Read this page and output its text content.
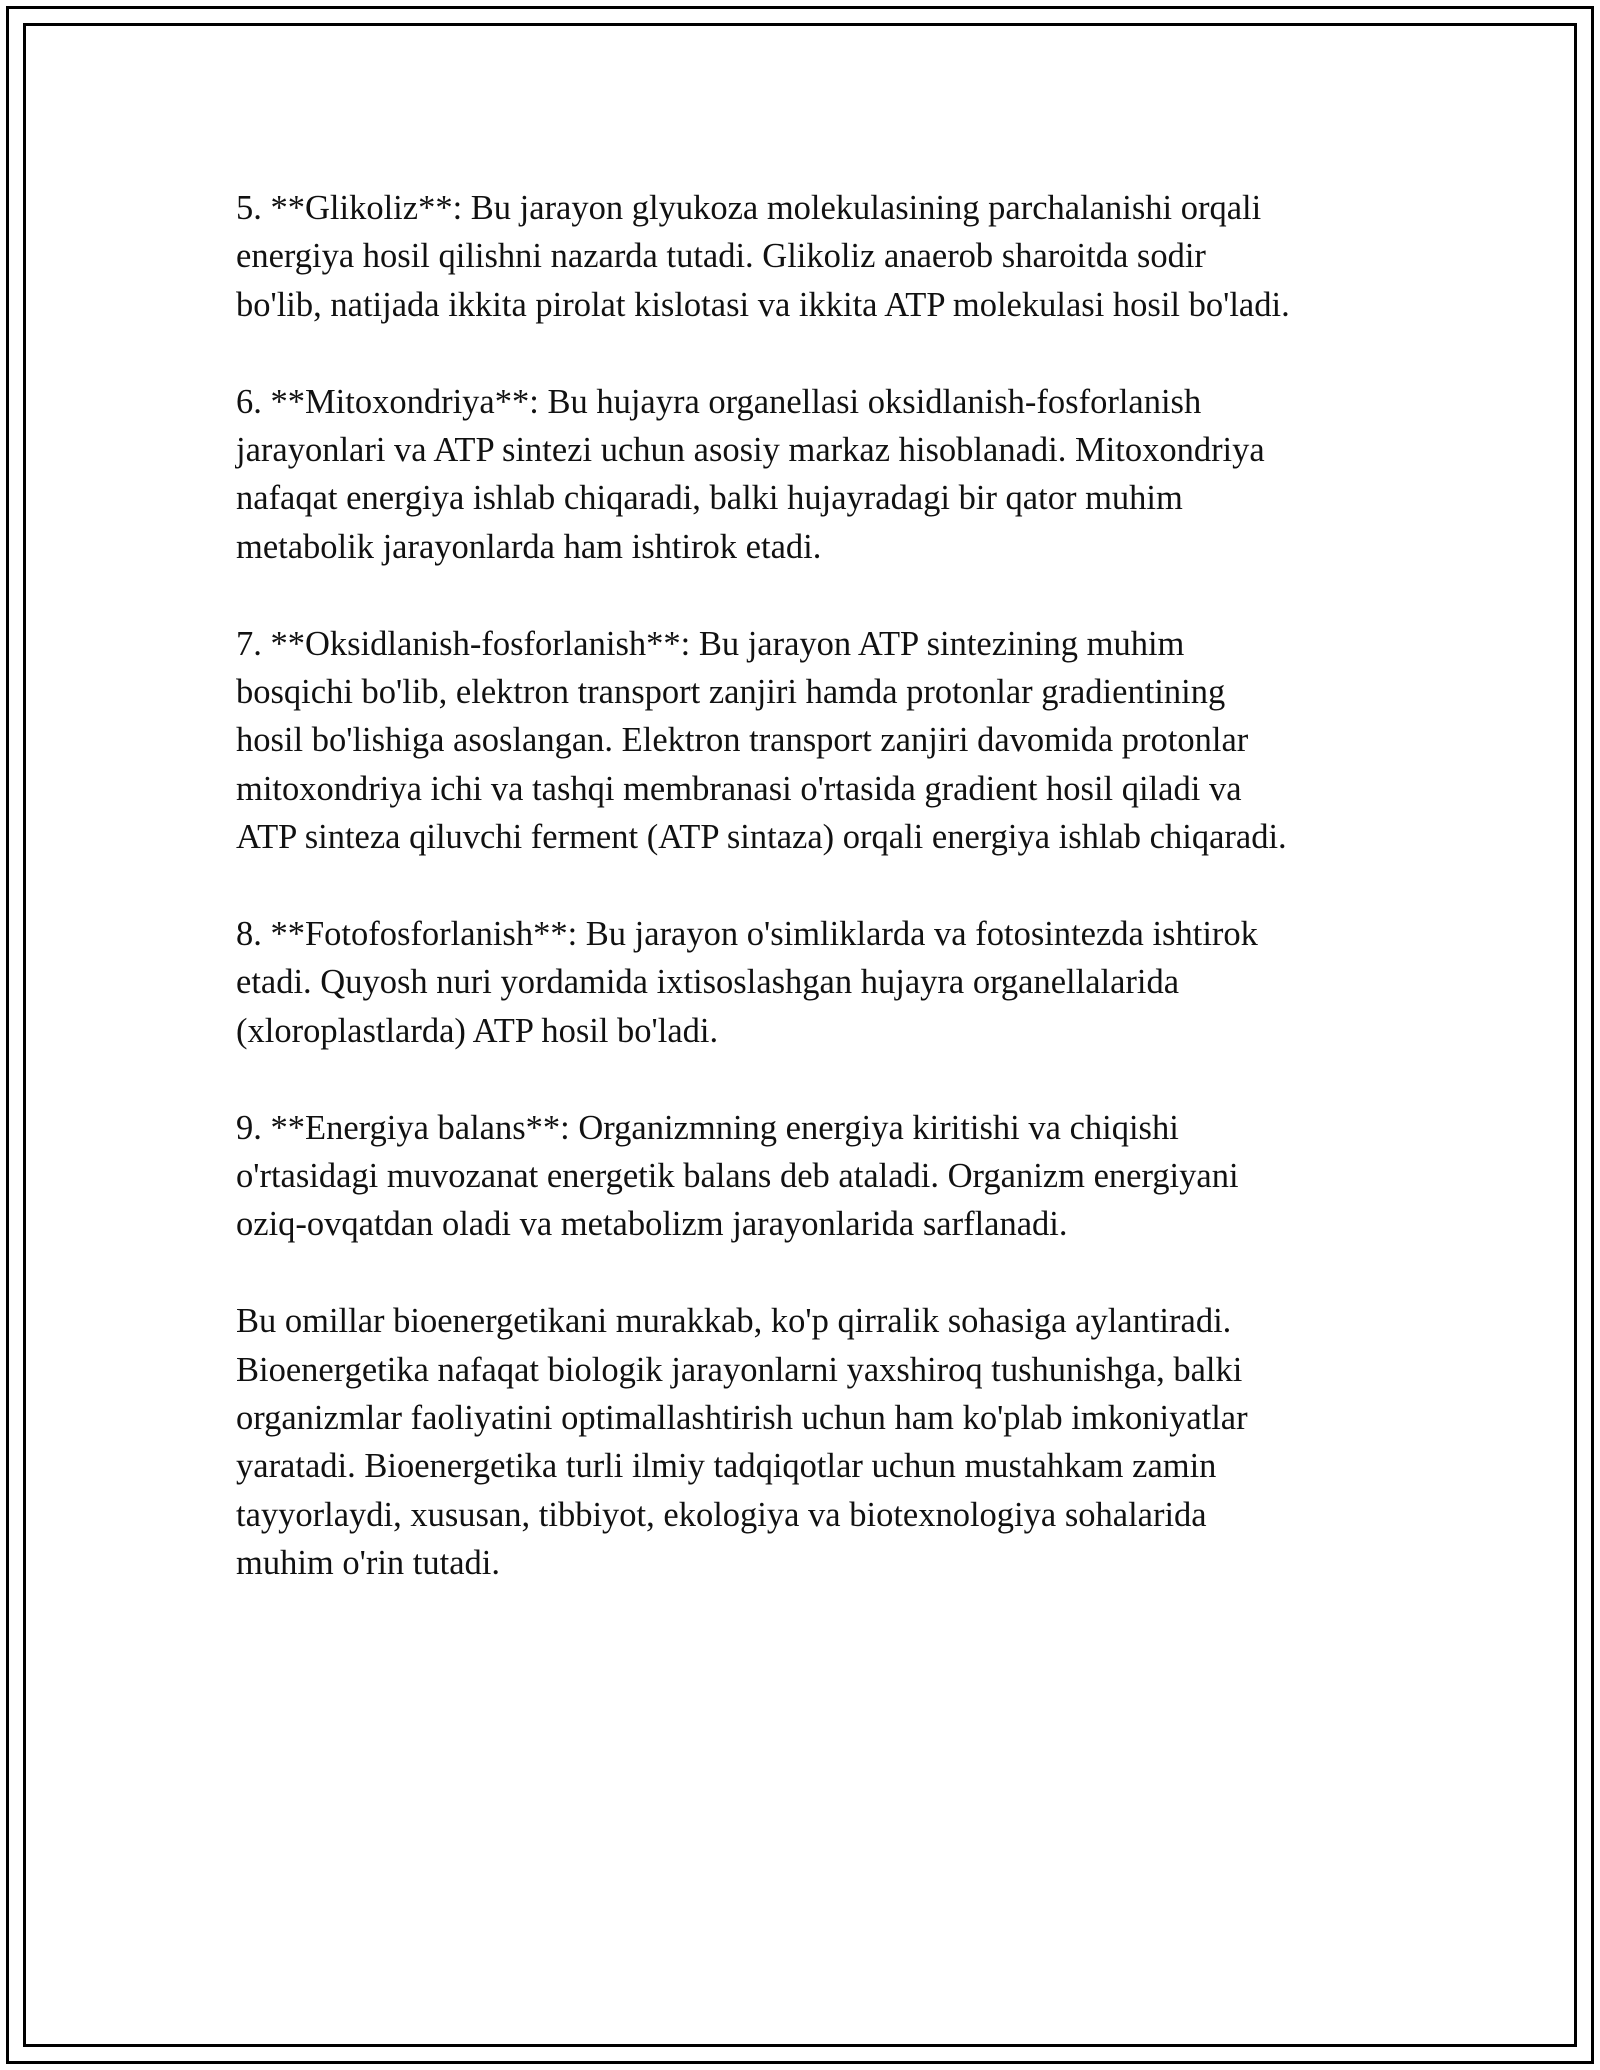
5. **Glikoliz**: Bu jarayon glyukoza molekulasining parchalanishi orqali
energiya hosil qilishni nazarda tutadi. Glikoliz anaerob sharoitda sodir
bo'lib, natijada ikkita pirolat kislotasi va ikkita ATP molekulasi hosil bo'ladi.

6. **Mitoxondriya**: Bu hujayra organellasi oksidlanish-fosforlanish
jarayonlari va ATP sintezi uchun asosiy markaz hisoblanadi. Mitoxondriya
nafaqat energiya ishlab chiqaradi, balki hujayradagi bir qator muhim
metabolik jarayonlarda ham ishtirok etadi.

7. **Oksidlanish-fosforlanish**: Bu jarayon ATP sintezining muhim
bosqichi bo'lib, elektron transport zanjiri hamda protonlar gradientining
hosil bo'lishiga asoslangan. Elektron transport zanjiri davomida protonlar
mitoxondriya ichi va tashqi membranasi o'rtasida gradient hosil qiladi va
ATP sinteza qiluvchi ferment (ATP sintaza) orqali energiya ishlab chiqaradi.

8. **Fotofosforlanish**: Bu jarayon o'simliklarda va fotosintezda ishtirok
etadi. Quyosh nuri yordamida ixtisoslashgan hujayra organellalarida
(xloroplastlarda) ATP hosil bo'ladi.

9. **Energiya balans**: Organizmning energiya kiritishi va chiqishi
o'rtasidagi muvozanat energetik balans deb ataladi. Organizm energiyani
oziq-ovqatdan oladi va metabolizm jarayonlarida sarflanadi.

Bu omillar bioenergetikani murakkab, ko'p qirralik sohasiga aylantiradi.
Bioenergetika nafaqat biologik jarayonlarni yaxshiroq tushunishga, balki
organizmlar faoliyatini optimallashtirish uchun ham ko'plab imkoniyatlar
yaratadi. Bioenergetika turli ilmiy tadqiqotlar uchun mustahkam zamin
tayyorlaydi, xususan, tibbiyot, ekologiya va biotexnologiya sohalarida
muhim o'rin tutadi.
